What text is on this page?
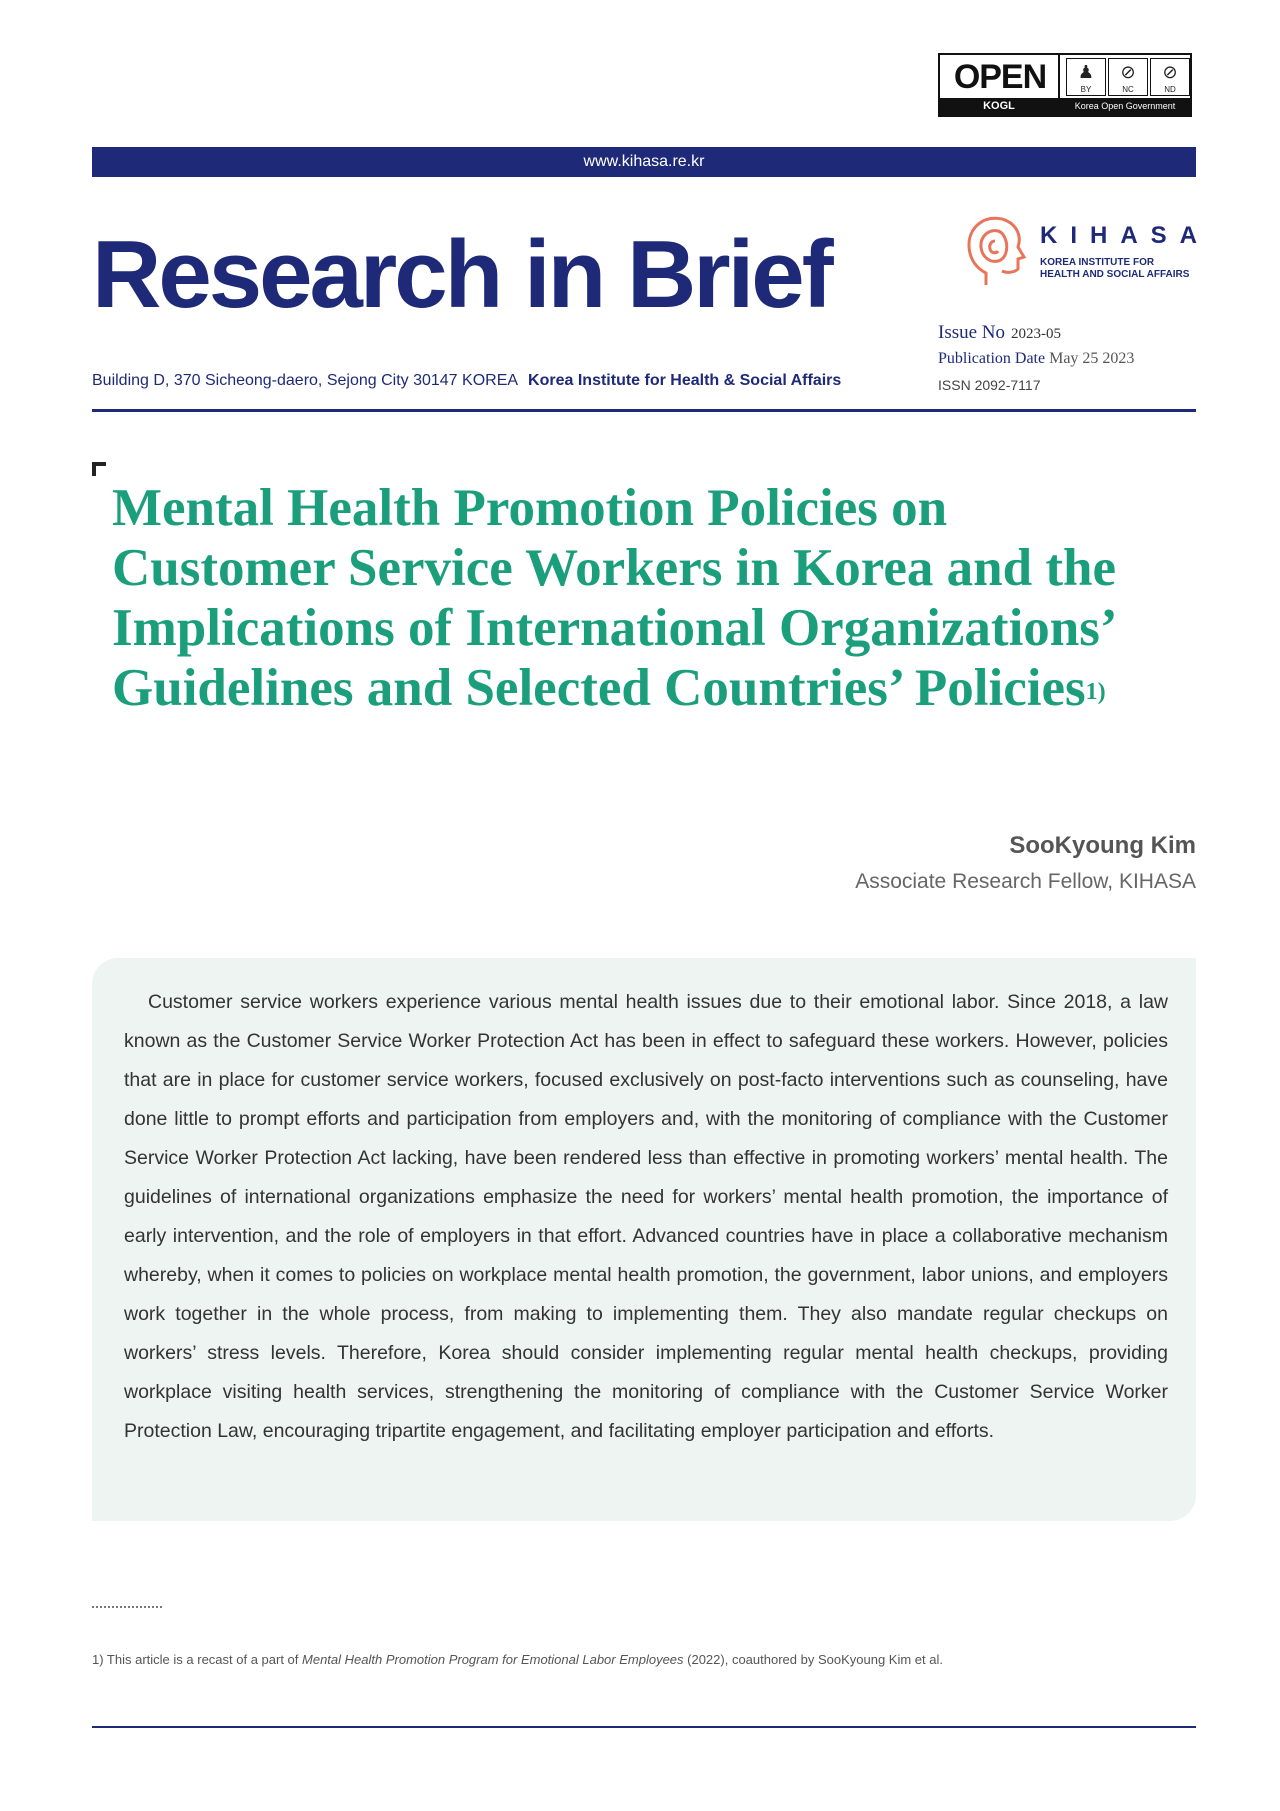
OPEN
KOGL
♟
BY
⊘
NC
⊘
ND
Korea Open Government License
www.kihasa.re.kr
Research in Brief	KIHASA
KOREA INSTITUTE FOR
HEALTH AND SOCIAL AFFAIRS
Issue No 2023-05
Publication Date May 25 2023
ISSN 2092-7117
Building D, 370 Sicheong-daero, Sejong City 30147 KOREA Korea Institute for Health & Social Affairs
Mental Health Promotion Policies on
Customer Service Workers in Korea and the
Implications of International Organizations’
Guidelines and Selected Countries’ Policies$^{1)}$
SooKyoung Kim
Associate Research Fellow, KIHASA

Customer service workers experience various mental health issues due to their emotional labor. Since 2018, a law known as the Customer Service Worker Protection Act has been in effect to safeguard these workers. However, policies that are in place for customer service workers, focused exclusively on post-facto interventions such as counseling, have done little to prompt efforts and participation from employers and, with the monitoring of compliance with the Customer Service Worker Protection Act lacking, have been rendered less than effective in promoting workers’ mental health. The guidelines of international organizations emphasize the need for workers’ mental health promotion, the importance of early intervention, and the role of employers in that effort. Advanced countries have in place a collaborative mechanism whereby, when it comes to policies on workplace mental health promotion, the government, labor unions, and employers work together in the whole process, from making to implementing them. They also mandate regular checkups on workers’ stress levels. Therefore, Korea should consider implementing regular mental health checkups, providing workplace visiting health services, strengthening the monitoring of compliance with the Customer Service Worker Protection Law, encouraging tripartite engagement, and facilitating employer participation and efforts.

1) This article is a recast of a part of Mental Health Promotion Program for Emotional Labor Employees (2022), coauthored by SooKyoung Kim et al.
